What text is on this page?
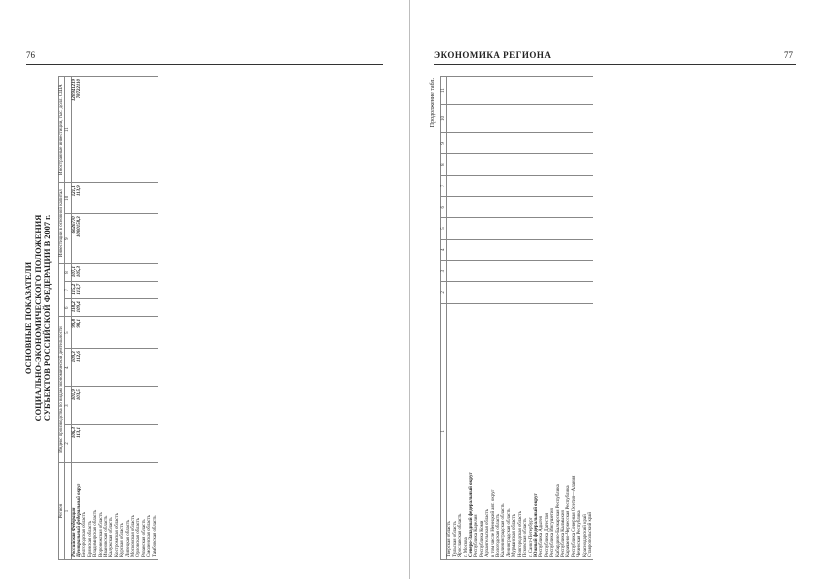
76
ОСНОВНЫЕ ПОКАЗАТЕЛИ СОЦИАЛЬНО-ЭКОНОМИЧЕСКОГО ПОЛОЖЕНИЯ СУБЪЕКТОВ РОССИЙСКОЙ ФЕДЕРАЦИИ В 2007 г.
Регион	Индекс производства по видам экономической деятельности							Инвестиции в основной капитал		Иностранные инвестиции, тыс. долл. США
1	2	3	4	5	6	7	8	9	10	11
Российская Федерация	106,3	101,9	109,3	99,8	118,2	115,2	107,1	6626770	121,1	120941219
Центральный федеральный округ	113,1	103,5	112,6	98,1	109,4	113,7	105,3	1000158,3	113,9	78722110
Белгородская область										
Брянская область										
Владимирская область										
Воронежская область										
Ивановская область										
Калужская область										
Костромская область										
Курская область										
Липецкая область										
Московская область										
Орловская область										
Рязанская область										
Смоленская область										
Тамбовская область										
ЭКОНОМИКА РЕГИОНА	77
Продолжение табл.
1	2	3	4	5	6	7	8	9	10	11
Тверская область										
Тульская область										
Ярославская область										
г. Москва										
Северо-Западный федеральный округ										
Республика Карелия										
Республика Коми										
Архангельская область										
в том числе Ненецкий авт. округ										
Вологодская область										
Калининградская область										
Ленинградская область										
Мурманская область										
Новгородская область										
Псковская область										
г. Санкт-Петербург										
Южный федеральный округ										
Республика Адыгея										
Республика Дагестан										
Республика Ингушетия										
Кабардино-Балкарская Республика										
Республика Калмыкия										
Карачаево-Черкесская Республика										
Республика Северная Осетия—Алания										
Чеченская Республика										
Краснодарский край										
Ставропольский край										
